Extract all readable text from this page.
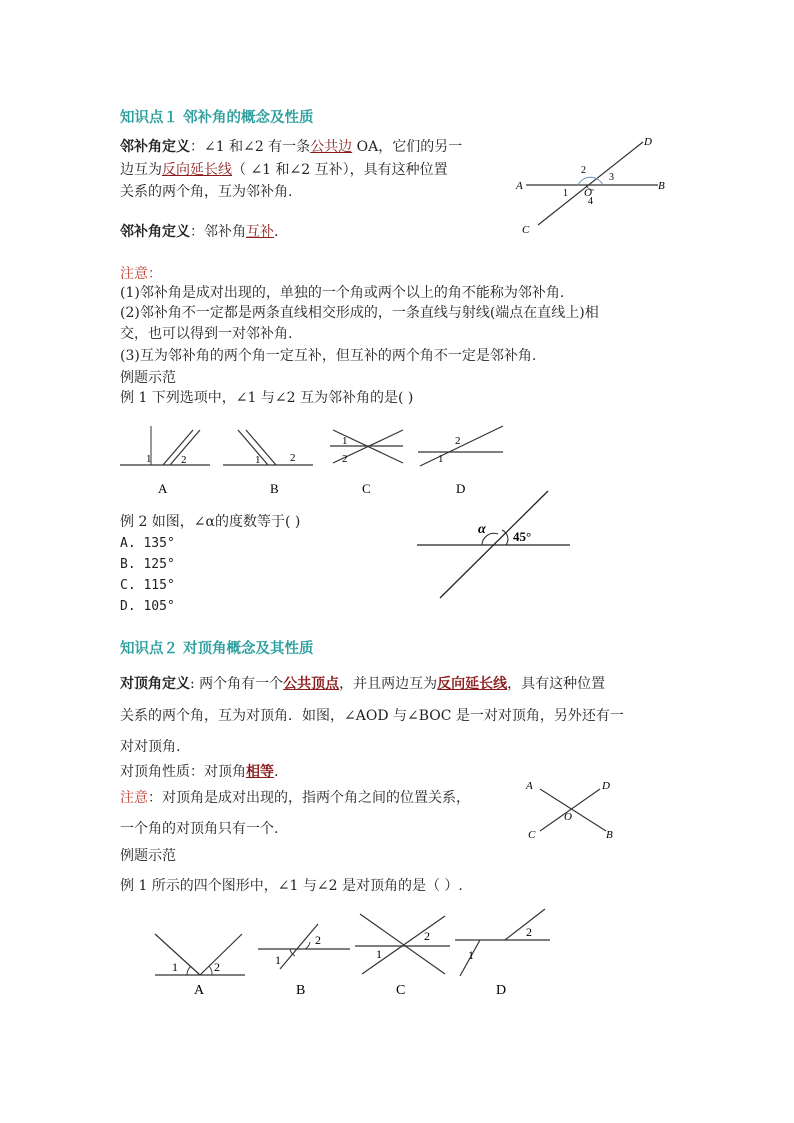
知识点１ 邻补角的概念及性质
邻补角定义：∠1 和∠2 有一条公共边 OA，它们的另一
边互为反向延长线（ ∠1 和∠2 互补），具有这种位置
关系的两个角，互为邻补角.
邻补角定义：邻补角互补.
A	B
C
D
O
2
3
1
4
注意：
(1)邻补角是成对出现的，单独的一个角或两个以上的角不能称为邻补角.
(2)邻补角不一定都是两条直线相交形成的，一条直线与射线(端点在直线上)相
交，也可以得到一对邻补角.
(3)互为邻补角的两个角一定互补，但互补的两个角不一定是邻补角.
例题示范
例 1 下列选项中，∠1 与∠2 互为邻补角的是( )
1	2
A
1	2
B
1
2
C
1
2
D
例 2 如图，∠α的度数等于( )
A. 135°
B. 125°
C. 115°
D. 105°
α 45°
知识点２ 对顶角概念及其性质
对顶角定义: 两个角有一个公共顶点，并且两边互为反向延长线，具有这种位置
关系的两个角，互为对顶角．如图，∠AOD 与∠BOC 是一对对顶角，另外还有一
对对顶角.
对顶角性质：对顶角相等.
注意：对顶角是成对出现的，指两个角之间的位置关系，
一个角的对顶角只有一个.
A	D
C	B
O
例题示范
例 1 所示的四个图形中，∠1 与∠2 是对顶角的是（ ）.
1	2
A
1
2
B
1
2
C
1
2
D
